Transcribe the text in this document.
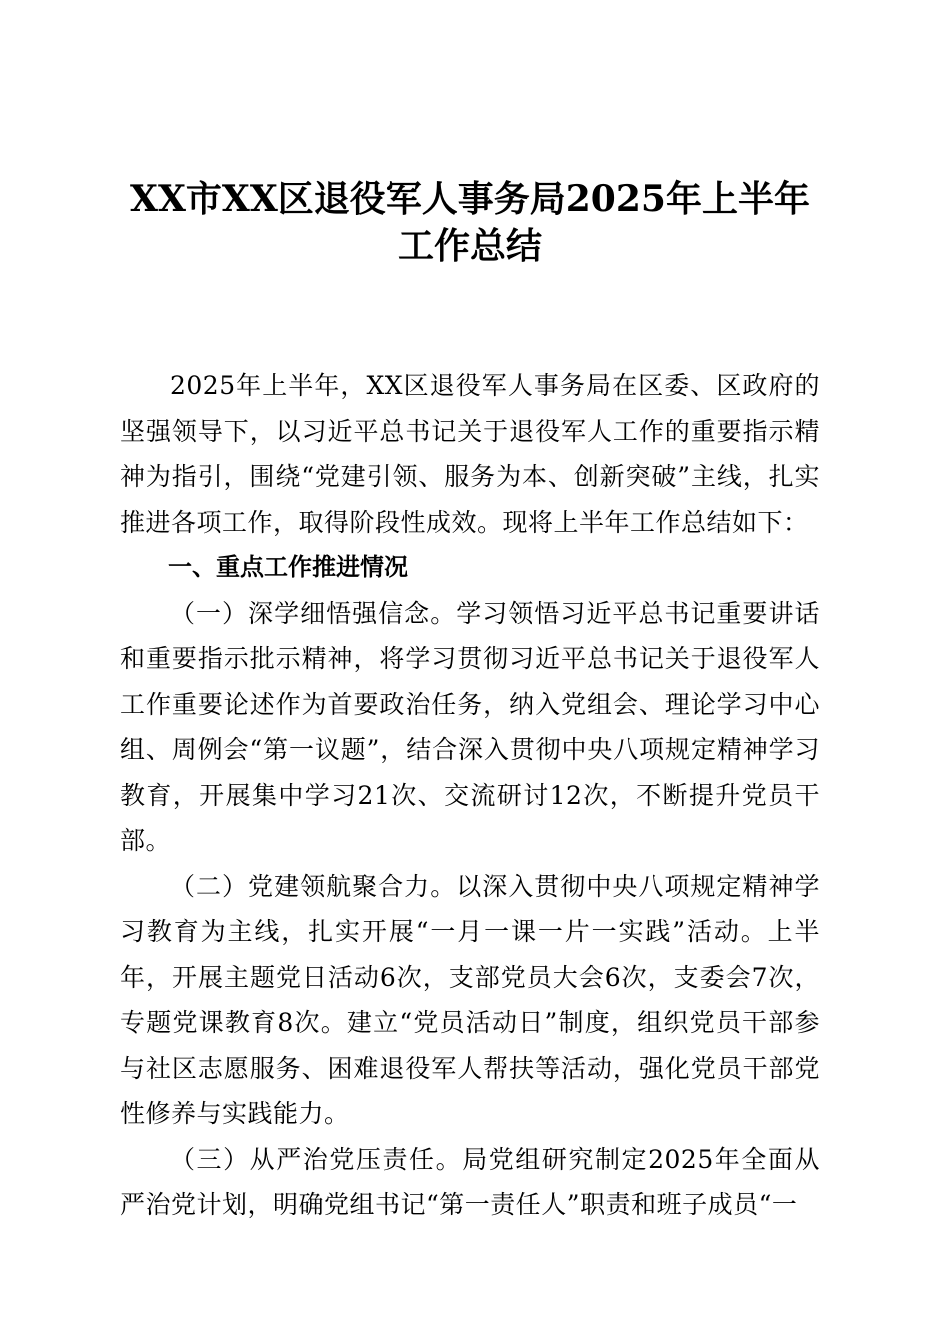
XX市XX区退役军人事务局2025年上半年工作总结

2025年上半年，XX区退役军人事务局在区委、区政府的坚强领导下，以习近平总书记关于退役军人工作的重要指示精神为指引，围绕“党建引领、服务为本、创新突破”主线，扎实推进各项工作，取得阶段性成效。现将上半年工作总结如下：

一、重点工作推进情况

（一）深学细悟强信念。学习领悟习近平总书记重要讲话和重要指示批示精神，将学习贯彻习近平总书记关于退役军人工作重要论述作为首要政治任务，纳入党组会、理论学习中心组、周例会“第一议题”，结合深入贯彻中央八项规定精神学习教育，开展集中学习21次、交流研讨12次，不断提升党员干部。

（二）党建领航聚合力。以深入贯彻中央八项规定精神学习教育为主线，扎实开展“一月一课一片一实践”活动。上半年，开展主题党日活动6次，支部党员大会6次，支委会7次，专题党课教育8次。建立“党员活动日”制度，组织党员干部参与社区志愿服务、困难退役军人帮扶等活动，强化党员干部党性修养与实践能力。

（三）从严治党压责任。局党组研究制定2025年全面从严治党计划，明确党组书记“第一责任人”职责和班子成员“一
